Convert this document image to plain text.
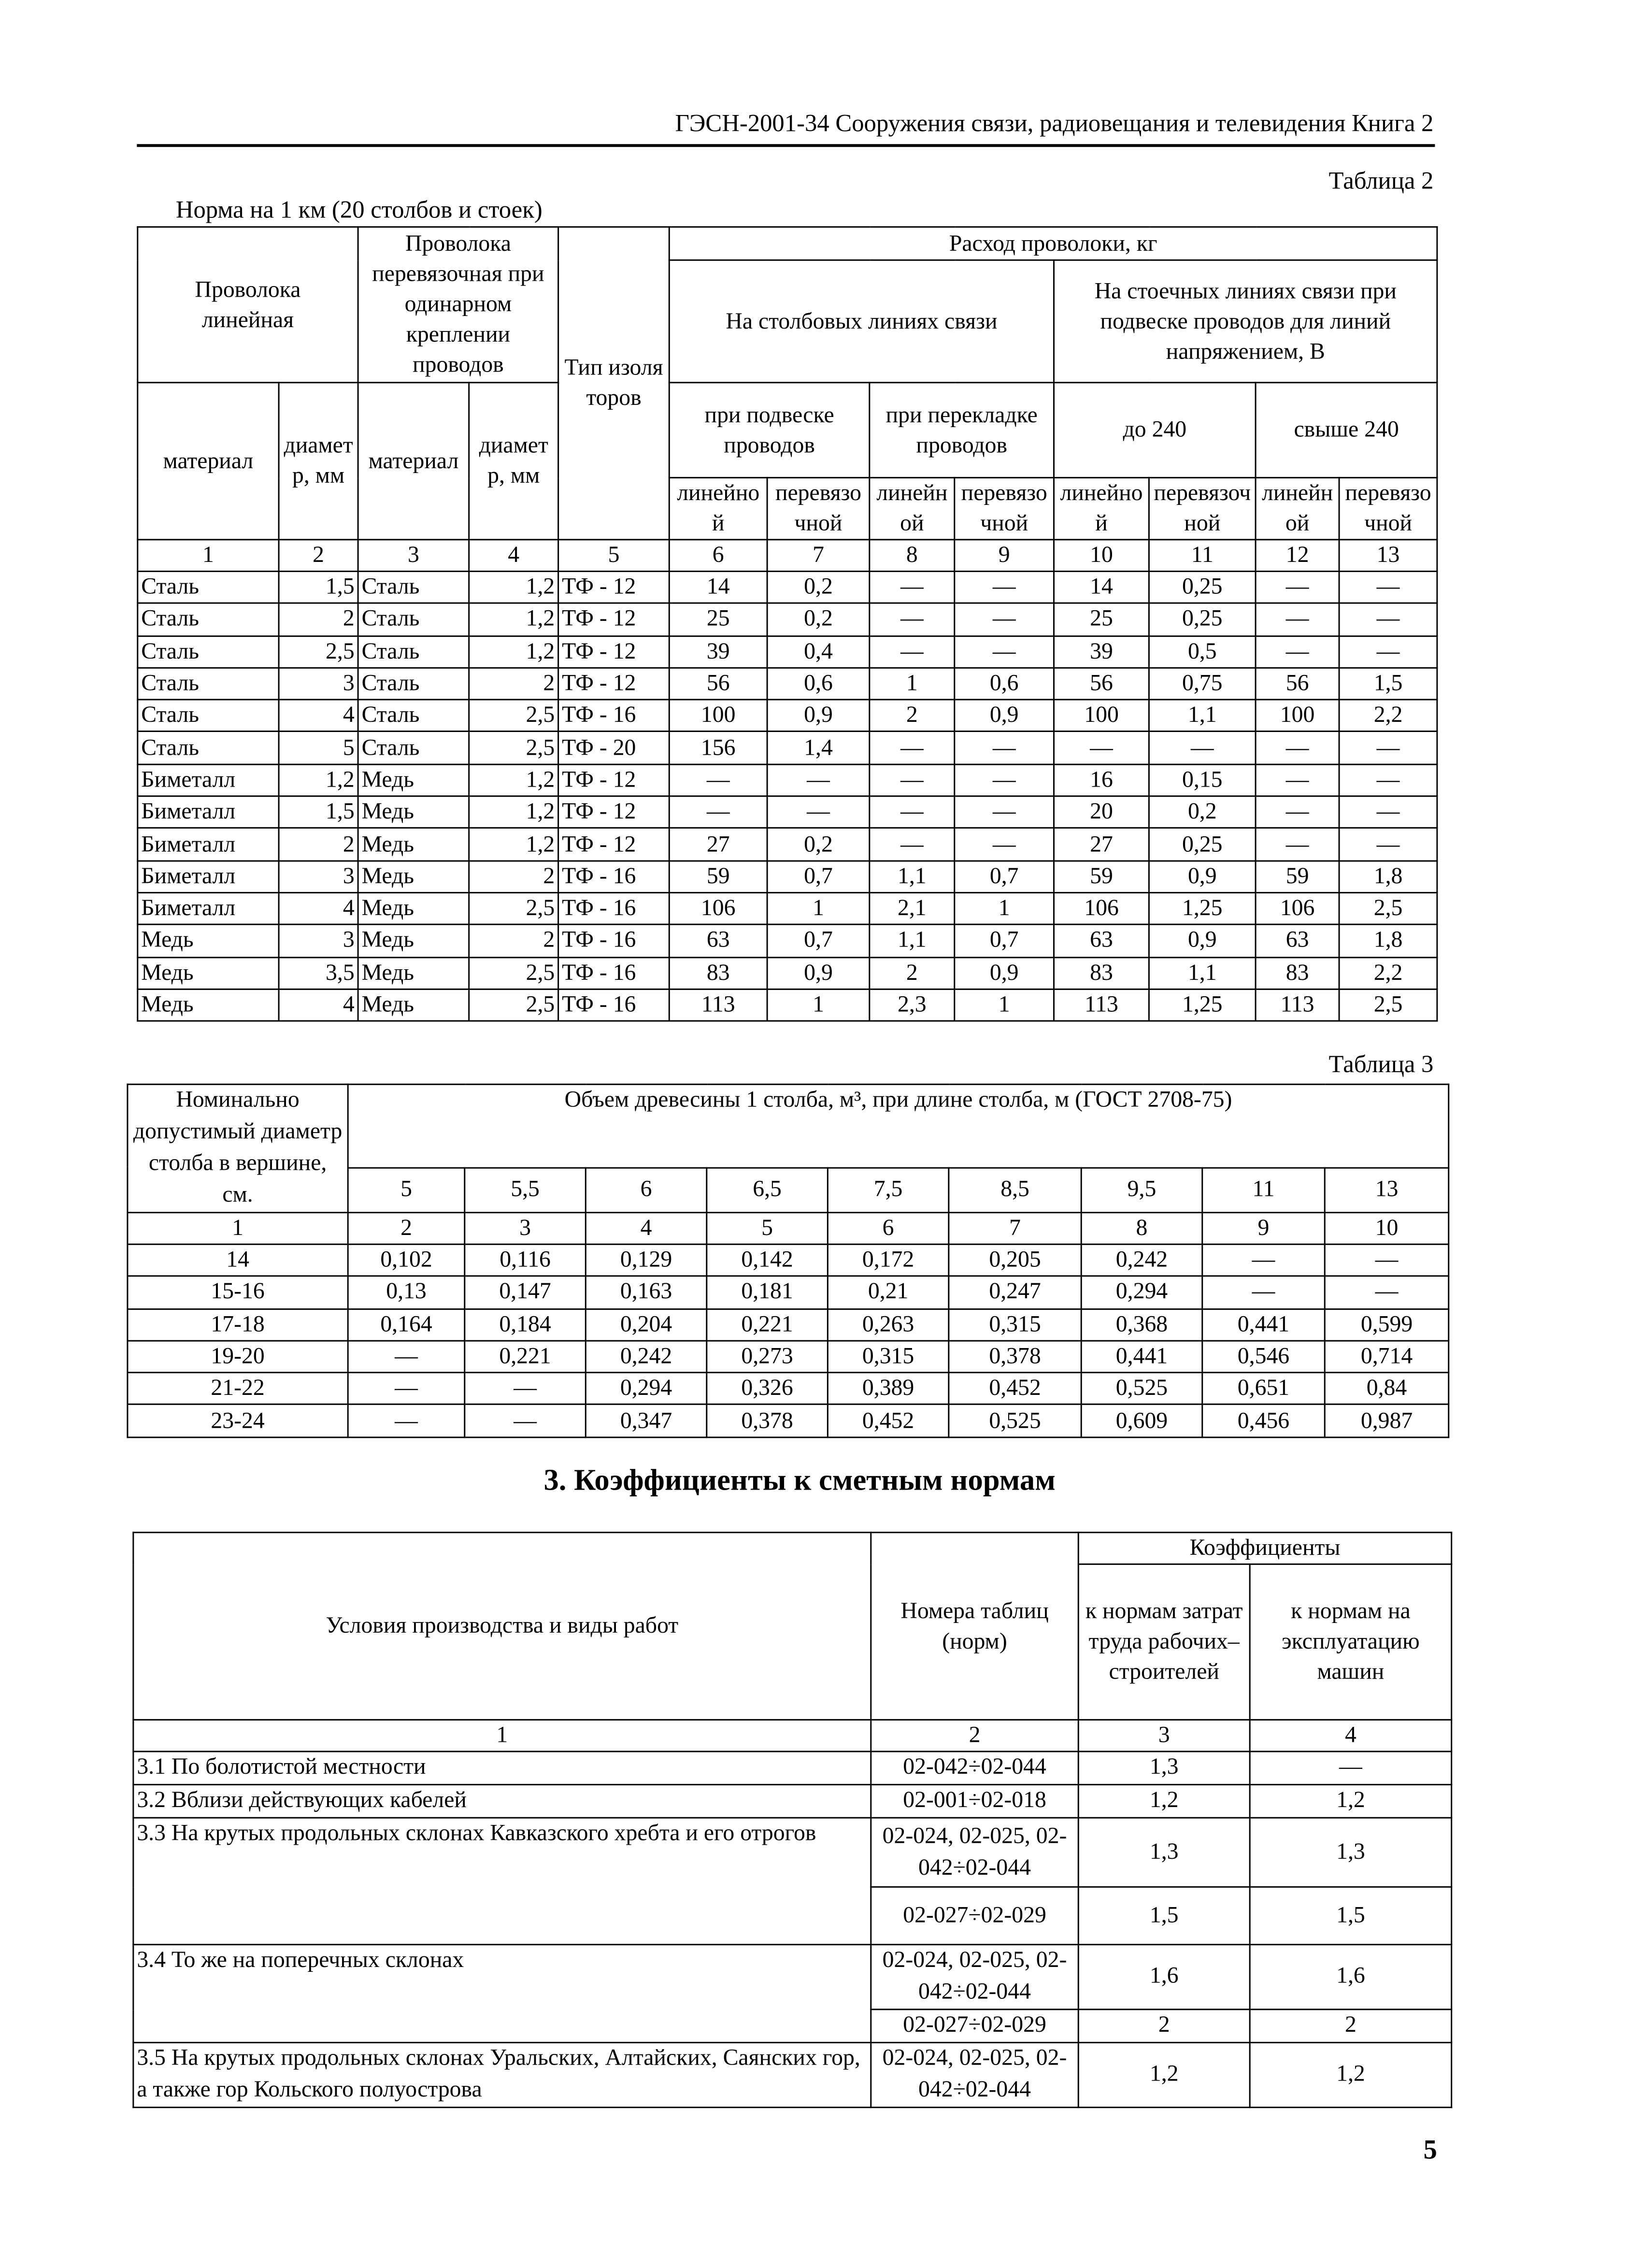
ГЭСН-2001-34 Сооружения связи, радиовещания и телевидения Книга 2
Таблица 2
Норма на 1 км (20 столбов и стоек)
Проволока линейная		Проволока перевязочная при одинарном креплении проводов		Тип изоляторов	Расход проволоки, кг							
					На столбовых линиях связи				На стоечных линиях связи при подвеске проводов для линий напряжением, В			
материал	диаметр, мм	материал	диаметр, мм		при подвеске проводов		при перекладке проводов		до 240		свыше 240	
					линейной	перевязочной	линейной	перевязочной	линейной	перевязочной	линейной	перевязочной
1	2	3	4	5	6	7	8	9	10	11	12	13
Сталь	1,5	Сталь	1,2	ТФ - 12	14	0,2	—	—	14	0,25	—	—
Сталь	2	Сталь	1,2	ТФ - 12	25	0,2	—	—	25	0,25	—	—
Сталь	2,5	Сталь	1,2	ТФ - 12	39	0,4	—	—	39	0,5	—	—
Сталь	3	Сталь	2	ТФ - 12	56	0,6	1	0,6	56	0,75	56	1,5
Сталь	4	Сталь	2,5	ТФ - 16	100	0,9	2	0,9	100	1,1	100	2,2
Сталь	5	Сталь	2,5	ТФ - 20	156	1,4	—	—	—	—	—	—
Биметалл	1,2	Медь	1,2	ТФ - 12	—	—	—	—	16	0,15	—	—
Биметалл	1,5	Медь	1,2	ТФ - 12	—	—	—	—	20	0,2	—	—
Биметалл	2	Медь	1,2	ТФ - 12	27	0,2	—	—	27	0,25	—	—
Биметалл	3	Медь	2	ТФ - 16	59	0,7	1,1	0,7	59	0,9	59	1,8
Биметалл	4	Медь	2,5	ТФ - 16	106	1	2,1	1	106	1,25	106	2,5
Медь	3	Медь	2	ТФ - 16	63	0,7	1,1	0,7	63	0,9	63	1,8
Медь	3,5	Медь	2,5	ТФ - 16	83	0,9	2	0,9	83	1,1	83	2,2
Медь	4	Медь	2,5	ТФ - 16	113	1	2,3	1	113	1,25	113	2,5
Таблица 3
Номинально допустимый диаметр столба в вершине, см.	Объем древесины 1 столба, м³, при длине столба, м (ГОСТ 2708-75)								
	5	5,5	6	6,5	7,5	8,5	9,5	11	13
1	2	3	4	5	6	7	8	9	10
14	0,102	0,116	0,129	0,142	0,172	0,205	0,242	—	—
15-16	0,13	0,147	0,163	0,181	0,21	0,247	0,294	—	—
17-18	0,164	0,184	0,204	0,221	0,263	0,315	0,368	0,441	0,599
19-20	—	0,221	0,242	0,273	0,315	0,378	0,441	0,546	0,714
21-22	—	—	0,294	0,326	0,389	0,452	0,525	0,651	0,84
23-24	—	—	0,347	0,378	0,452	0,525	0,609	0,456	0,987
3. Коэффициенты к сметным нормам
Условия производства и виды работ	Номера таблиц (норм)	Коэффициенты	
		к нормам затрат труда рабочих–строителей	к нормам на эксплуатацию машин
1	2	3	4
3.1 По болотистой местности	02-042÷02-044	1,3	—
3.2 Вблизи действующих кабелей	02-001÷02-018	1,2	1,2
3.3 На крутых продольных склонах Кавказского хребта и его отрогов	02-024, 02-025, 02-042÷02-044	1,3	1,3
	02-027÷02-029	1,5	1,5
3.4 То же на поперечных склонах	02-024, 02-025, 02-042÷02-044	1,6	1,6
	02-027÷02-029	2	2
3.5 На крутых продольных склонах Уральских, Алтайских, Саянских гор, а также гор Кольского полуострова	02-024, 02-025, 02-042÷02-044	1,2	1,2
5
